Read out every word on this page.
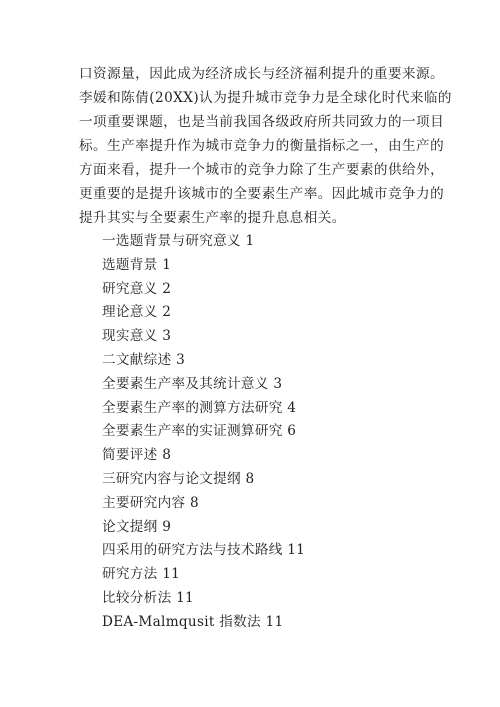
口资源量，因此成为经济成长与经济福利提升的重要来源。
李媛和陈倩(20XX)认为提升城市竞争力是全球化时代来临的
一项重要课题，也是当前我国各级政府所共同致力的一项目
标。生产率提升作为城市竞争力的衡量指标之一，由生产的
方面来看，提升一个城市的竞争力除了生产要素的供给外，
更重要的是提升该城市的全要素生产率。因此城市竞争力的
提升其实与全要素生产率的提升息息相关。
一选题背景与研究意义 1
选题背景 1
研究意义 2
理论意义 2
现实意义 3
二文献综述 3
全要素生产率及其统计意义 3
全要素生产率的测算方法研究 4
全要素生产率的实证测算研究 6
简要评述 8
三研究内容与论文提纲 8
主要研究内容 8
论文提纲 9
四采用的研究方法与技术路线 11
研究方法 11
比较分析法 11
DEA-Malmqusit 指数法 11
